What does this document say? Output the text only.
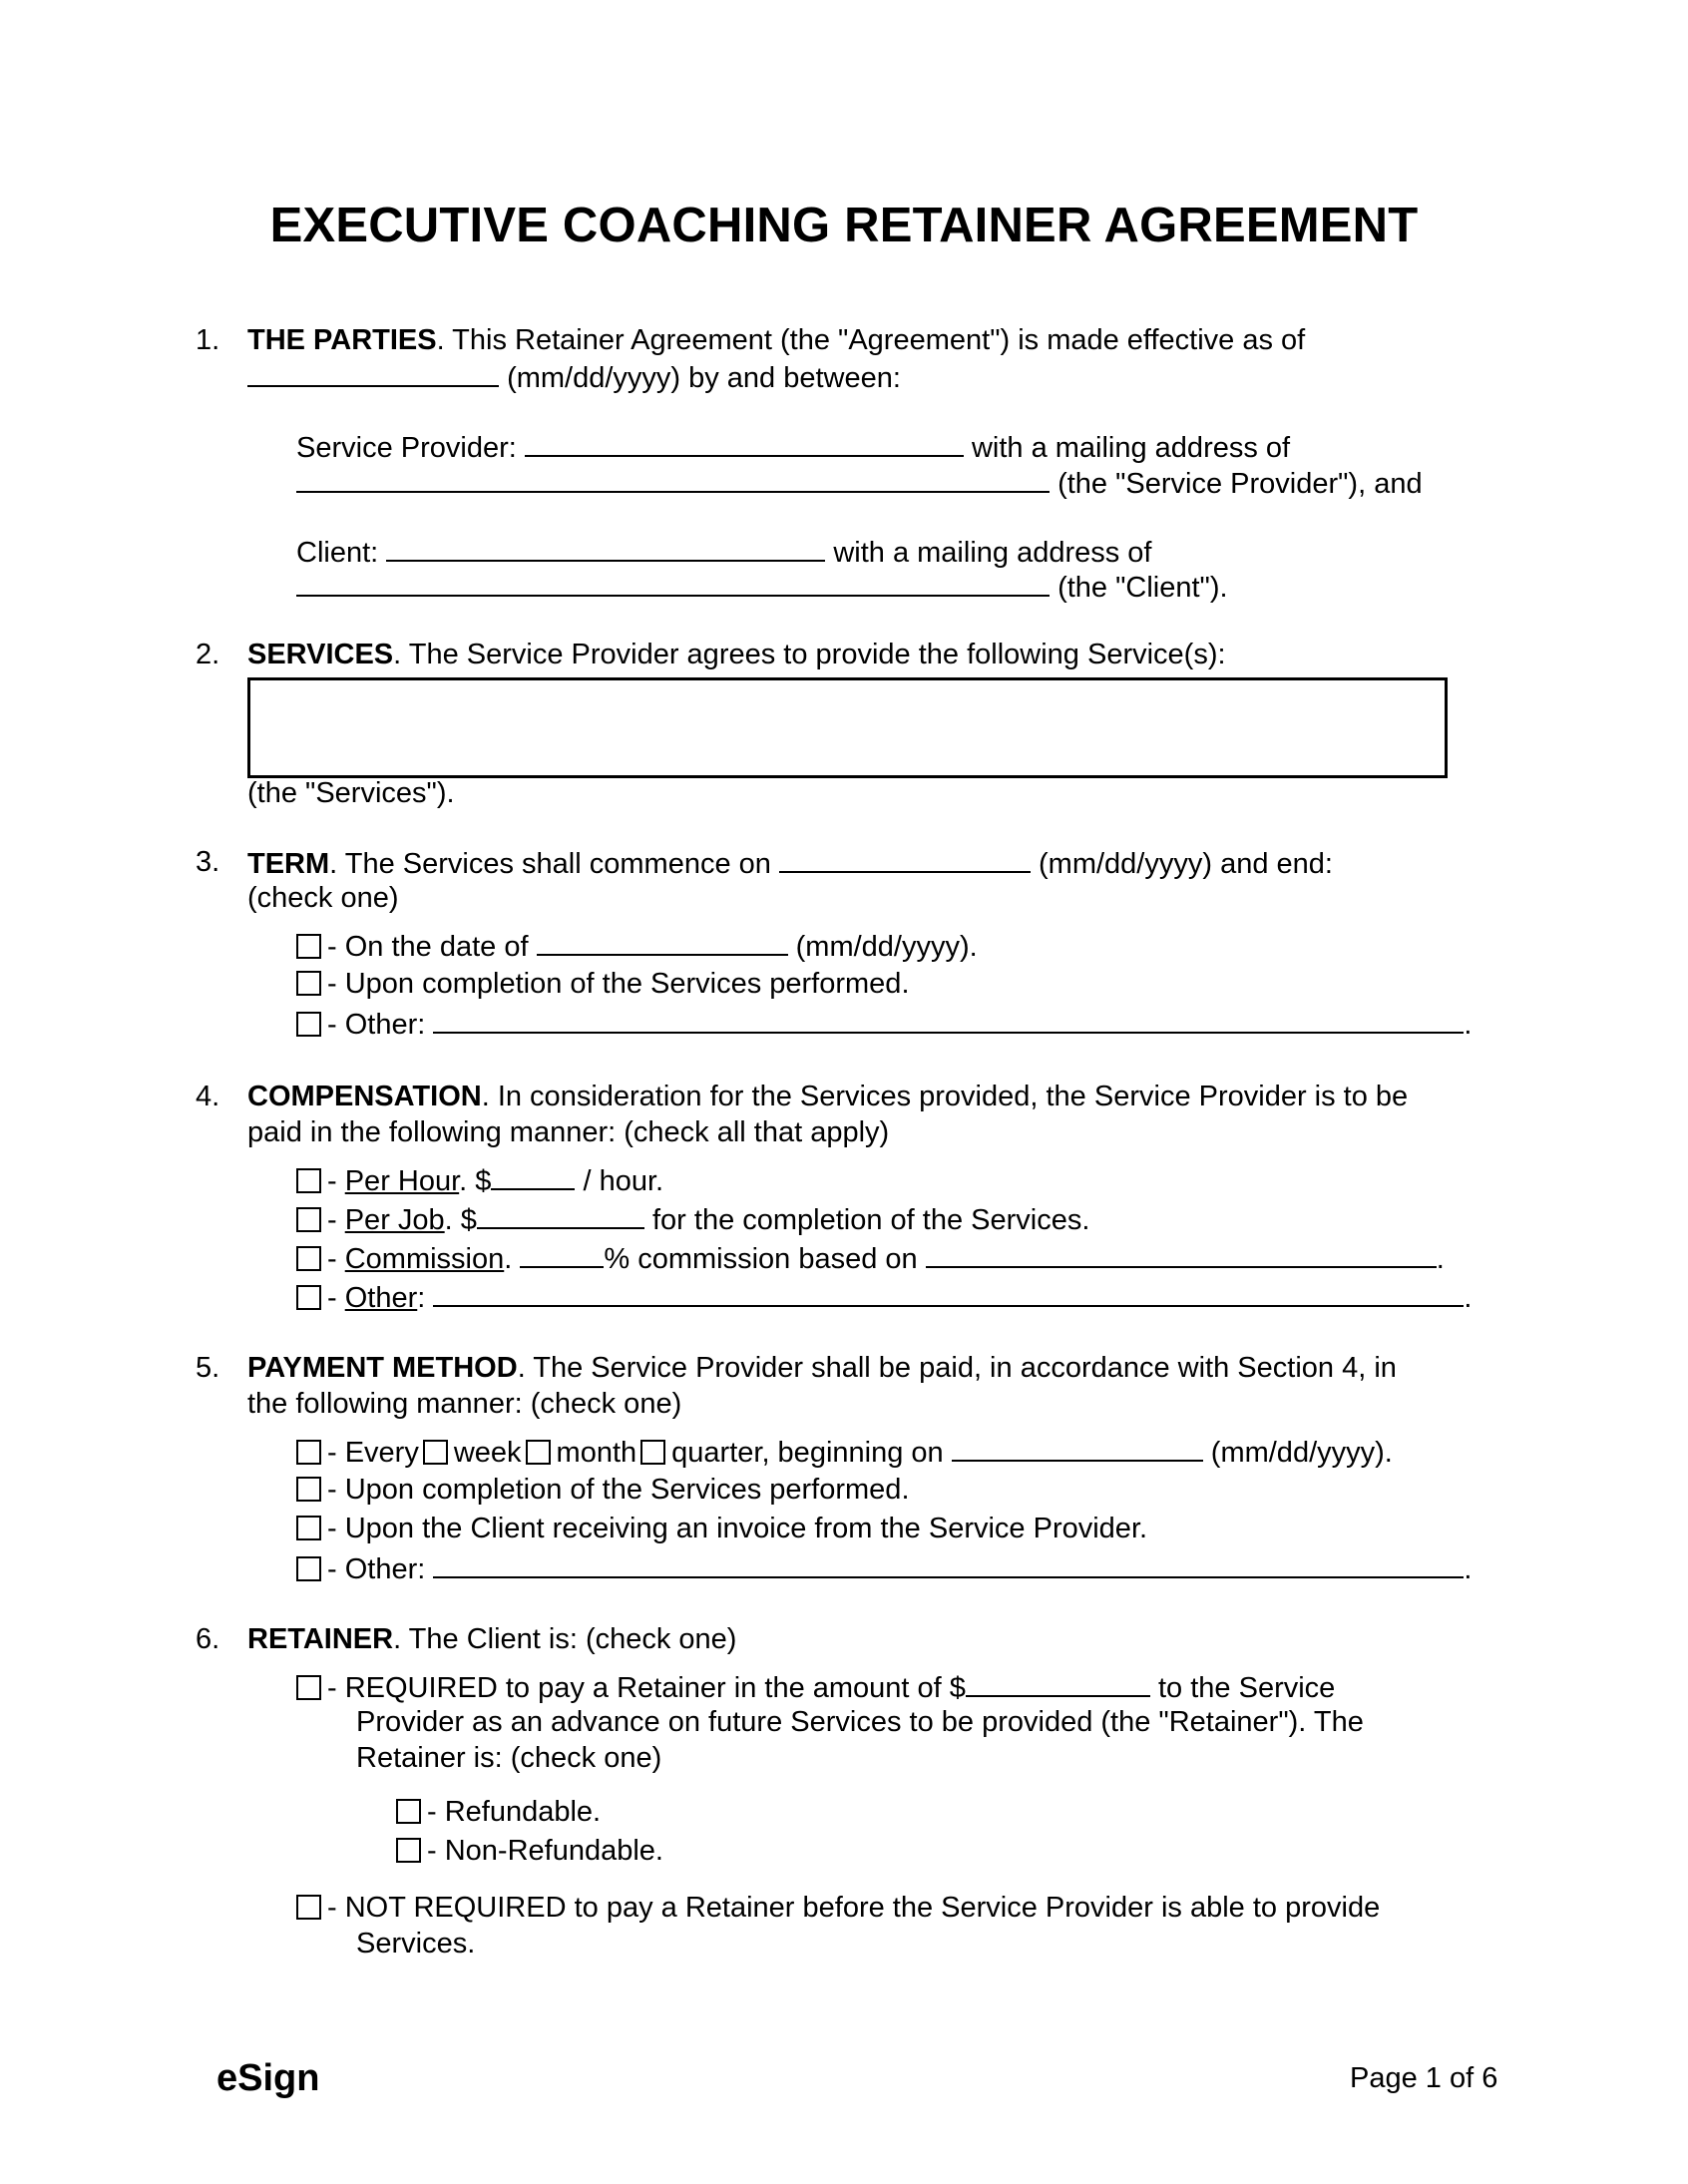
EXECUTIVE COACHING RETAINER AGREEMENT
1. THE PARTIES. This Retainer Agreement (the "Agreement") is made effective as of
(mm/dd/yyyy) by and between:
Service Provider:	with a mailing address of
(the "Service Provider"), and
Client:	with a mailing address of
(the "Client").
2. SERVICES. The Service Provider agrees to provide the following Service(s):
(the "Services").
3. TERM. The Services shall commence on	(mm/dd/yyyy) and end:
(check one)
- On the date of	(mm/dd/yyyy).
- Upon completion of the Services performed.
- Other:	.
4. COMPENSATION. In consideration for the Services provided, the Service Provider is to be
paid in the following manner: (check all that apply)
- Per Hour. $	/ hour.
- Per Job. $	for the completion of the Services.
- Commission.	% commission based on	.
- Other:	.
5. PAYMENT METHOD. The Service Provider shall be paid, in accordance with Section 4, in
the following manner: (check one)
- Every week month quarter, beginning on	(mm/dd/yyyy).
- Upon completion of the Services performed.
- Upon the Client receiving an invoice from the Service Provider.
- Other:	.
6. RETAINER. The Client is: (check one)
- REQUIRED to pay a Retainer in the amount of $	to the Service
Provider as an advance on future Services to be provided (the "Retainer"). The
Retainer is: (check one)
- Refundable.
- Non-Refundable.
- NOT REQUIRED to pay a Retainer before the Service Provider is able to provide
Services.
eSign	Page 1 of 6
